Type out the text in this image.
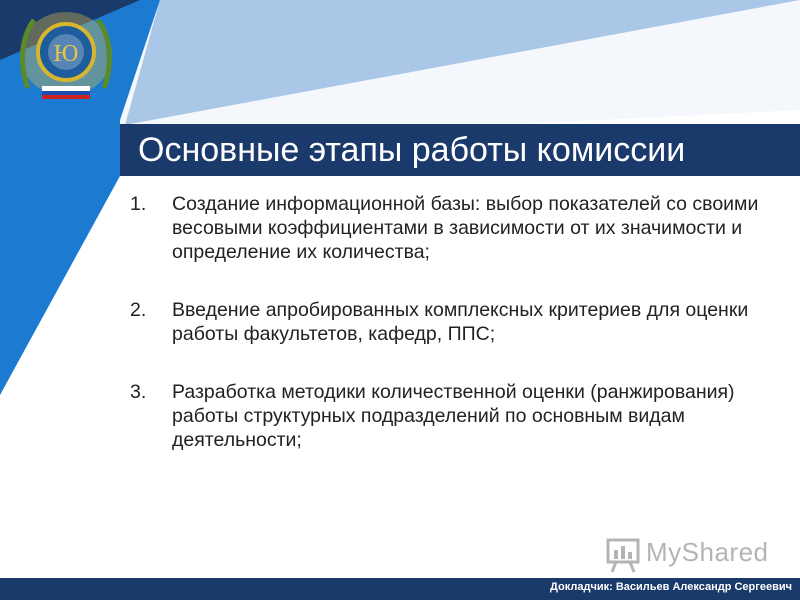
Ю
Основные этапы работы комиссии
1. Создание информационной базы: выбор показателей со своими весовыми коэффициентами в зависимости от их значимости и определение их количества;
2. Введение апробированных комплексных критериев для оценки работы факультетов, кафедр, ППС;
3. Разработка методики количественной оценки (ранжирования) работы структурных подразделений по основным видам деятельности;
MyShared
Докладчик: Васильев Александр Сергеевич
